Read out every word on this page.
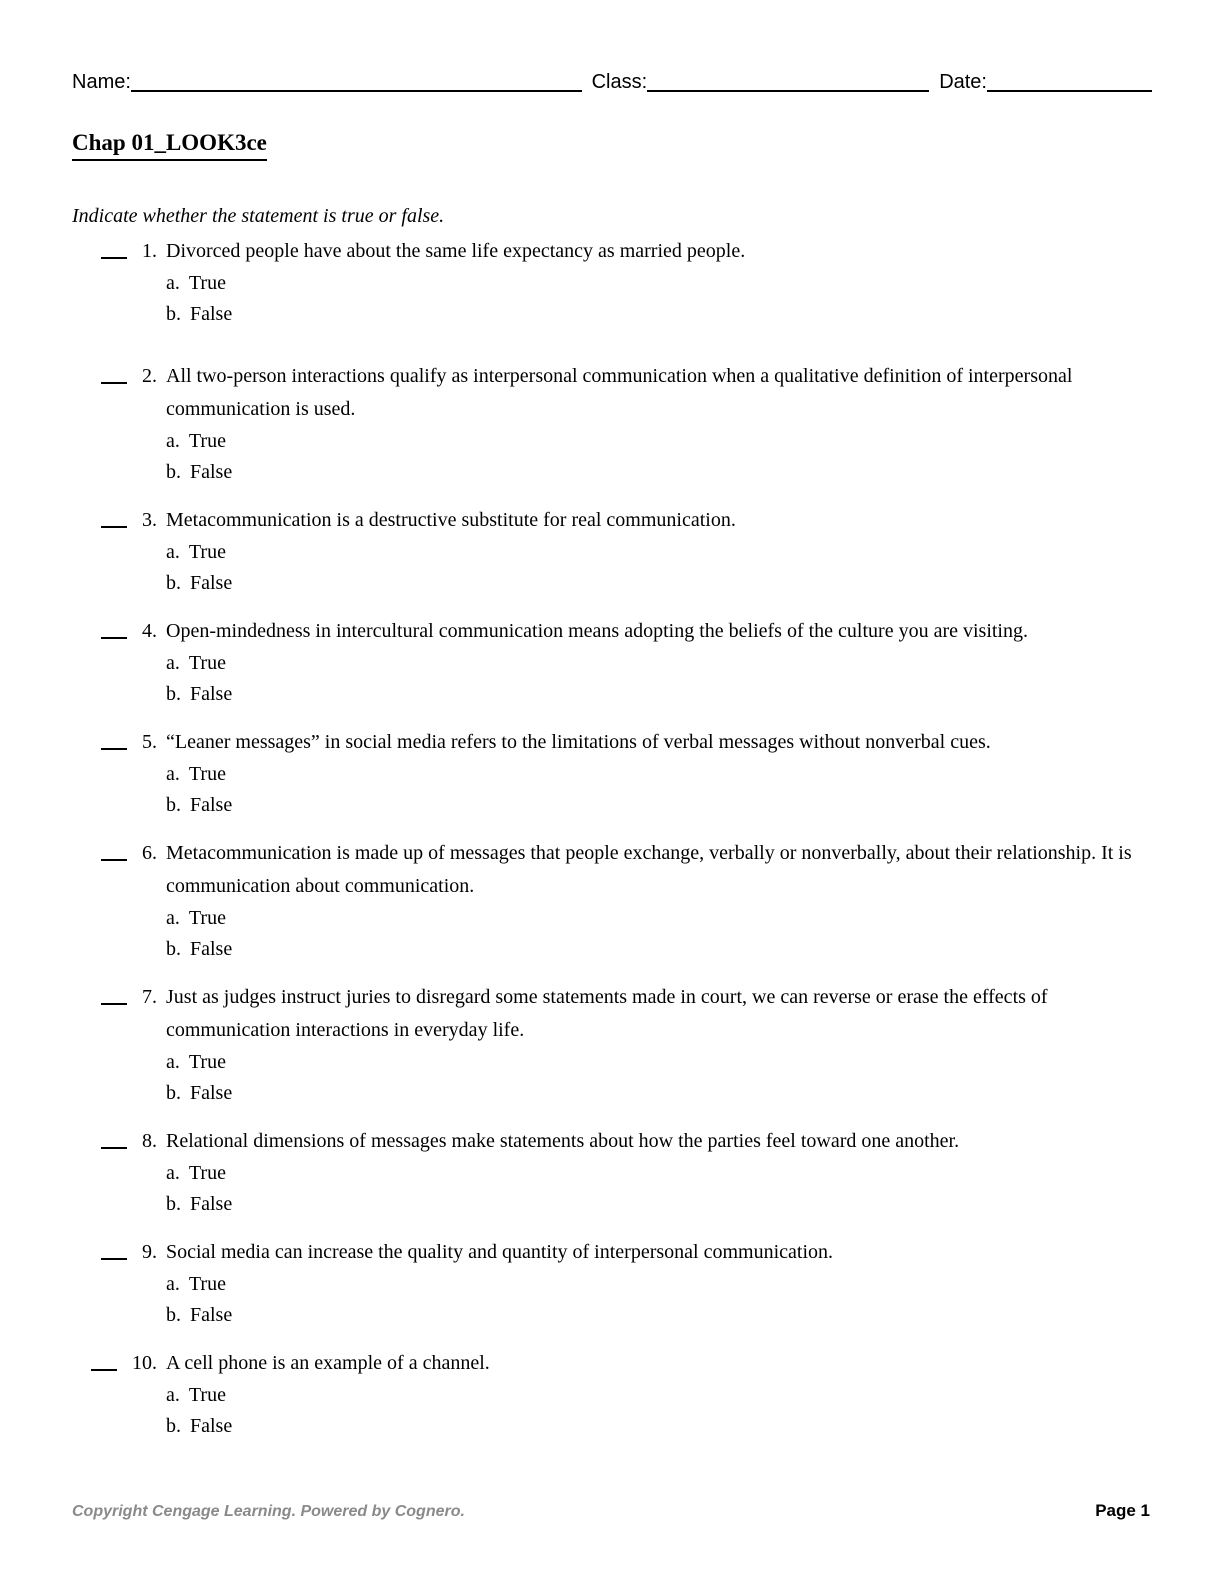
Name:	Class:	Date:
Chap 01_LOOK3ce
Indicate whether the statement is true or false.
1. Divorced people have about the same life expectancy as married people.
a. True
b. False
2. All two-person interactions qualify as interpersonal communication when a qualitative definition of interpersonal communication is used.
a. True
b. False
3. Metacommunication is a destructive substitute for real communication.
a. True
b. False
4. Open-mindedness in intercultural communication means adopting the beliefs of the culture you are visiting.
a. True
b. False
5. “Leaner messages” in social media refers to the limitations of verbal messages without nonverbal cues.
a. True
b. False
6. Metacommunication is made up of messages that people exchange, verbally or nonverbally, about their relationship. It is communication about communication.
a. True
b. False
7. Just as judges instruct juries to disregard some statements made in court, we can reverse or erase the effects of communication interactions in everyday life.
a. True
b. False
8. Relational dimensions of messages make statements about how the parties feel toward one another.
a. True
b. False
9. Social media can increase the quality and quantity of interpersonal communication.
a. True
b. False
10. A cell phone is an example of a channel.
a. True
b. False
Copyright Cengage Learning. Powered by Cognero.	Page 1
